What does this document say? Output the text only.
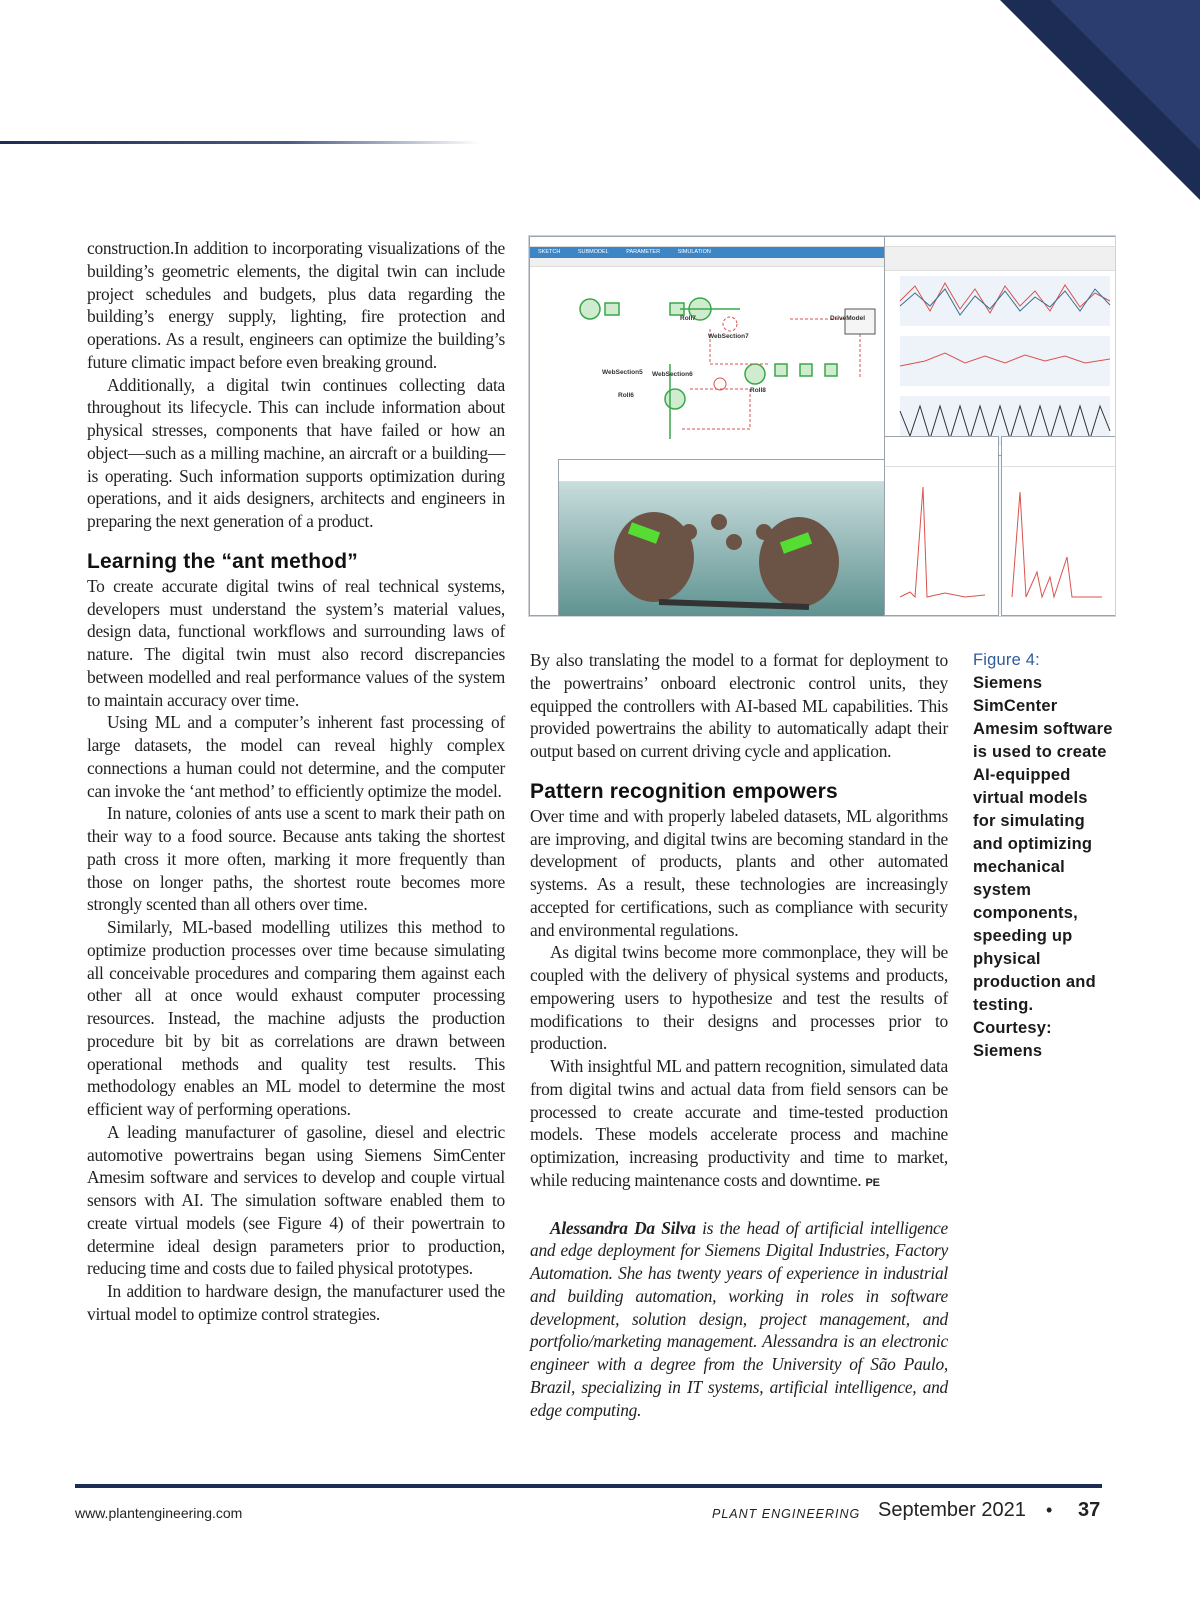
construction.In addition to incorporating visualizations of the building’s geometric elements, the digital twin can include project schedules and budgets, plus data regarding the building’s energy supply, lighting, fire protection and operations. As a result, engineers can optimize the building’s future climatic impact before even breaking ground.

Additionally, a digital twin continues collecting data throughout its lifecycle. This can include information about physical stresses, components that have failed or how an object—such as a milling machine, an aircraft or a building—is operating. Such information supports optimization during operations, and it aids designers, architects and engineers in preparing the next generation of a product.

Learning the “ant method”

To create accurate digital twins of real technical systems, developers must understand the system’s material values, design data, functional workflows and surrounding laws of nature. The digital twin must also record discrepancies between modelled and real performance values of the system to maintain accuracy over time.

Using ML and a computer’s inherent fast processing of large datasets, the model can reveal highly complex connections a human could not determine, and the computer can invoke the ‘ant method’ to efficiently optimize the model.

In nature, colonies of ants use a scent to mark their path on their way to a food source. Because ants taking the shortest path cross it more often, marking it more frequently than those on longer paths, the shortest route becomes more strongly scented than all others over time.

Similarly, ML-based modelling utilizes this method to optimize production processes over time because simulating all conceivable procedures and comparing them against each other all at once would exhaust computer processing resources. Instead, the machine adjusts the production procedure bit by bit as correlations are drawn between operational methods and quality test results. This methodology enables an ML model to determine the most efficient way of performing operations.

A leading manufacturer of gasoline, diesel and electric automotive powertrains began using Siemens SimCenter Amesim software and services to develop and couple virtual sensors with AI. The simulation software enabled them to create virtual models (see Figure 4) of their powertrain to determine ideal design parameters prior to production, reducing time and costs due to failed physical prototypes.

In addition to hardware design, the manufacturer used the virtual model to optimize control strategies.

SKETCH	SUBMODEL	PARAMETER	SIMULATION
Roll7	DriveModel
WebSection7
WebSection5 WebSection6
Roll6
Roll8

By also translating the model to a format for deployment to the powertrains’ onboard electronic control units, they equipped the controllers with AI-based ML capabilities. This provided powertrains the ability to automatically adapt their output based on current driving cycle and application.

Pattern recognition empowers

Over time and with properly labeled datasets, ML algorithms are improving, and digital twins are becoming standard in the development of products, plants and other automated systems. As a result, these technologies are increasingly accepted for certifications, such as compliance with security and environmental regulations.

As digital twins become more commonplace, they will be coupled with the delivery of physical systems and products, empowering users to hypothesize and test the results of modifications to their designs and processes prior to production.

With insightful ML and pattern recognition, simulated data from digital twins and actual data from field sensors can be processed to create accurate and time-tested production models. These models accelerate process and machine optimization, increasing productivity and time to market, while reducing maintenance costs and downtime. PE

Alessandra Da Silva is the head of artificial intelligence and edge deployment for Siemens Digital Industries, Factory Automation. She has twenty years of experience in industrial and building automation, working in roles in software development, solution design, project management, and portfolio/marketing management. Alessandra is an electronic engineer with a degree from the University of São Paulo, Brazil, specializing in IT systems, artificial intelligence, and edge computing.

Figure 4:
Siemens SimCenter Amesim software is used to create AI-equipped virtual models for simulating and optimizing mechanical system components, speeding up physical production and testing. Courtesy: Siemens
www.plantengineering.com	PLANT ENGINEERING September 2021 • 37
